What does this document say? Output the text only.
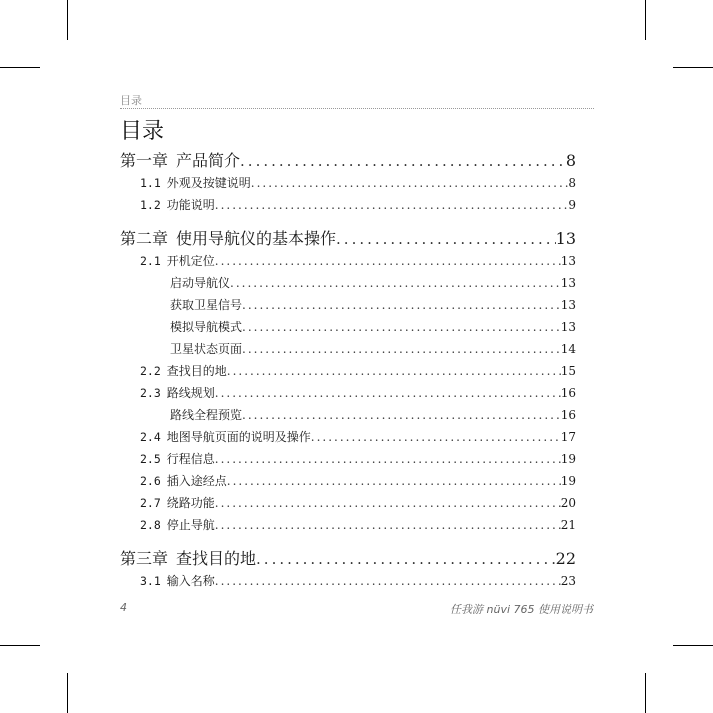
目录
目录
第一章 产品简介 .....	8
1.1 外观及按键说明 .....	8
1.2 功能说明 .....	9
第二章 使用导航仪的基本操作 .....	13
2.1 开机定位 .....	13
启动导航仪 .....	13
获取卫星信号 .....	13
模拟导航模式 .....	13
卫星状态页面 .....	14
2.2 查找目的地 .....	15
2.3 路线规划 .....	16
路线全程预览 .....	16
2.4 地图导航页面的说明及操作 .....	17
2.5 行程信息 .....	19
2.6 插入途经点 .....	19
2.7 绕路功能 .....	20
2.8 停止导航 .....	21
第三章 查找目的地 .....	22
3.1 输入名称 .....	23
4	任我游 nüvi 765 使用说明书
